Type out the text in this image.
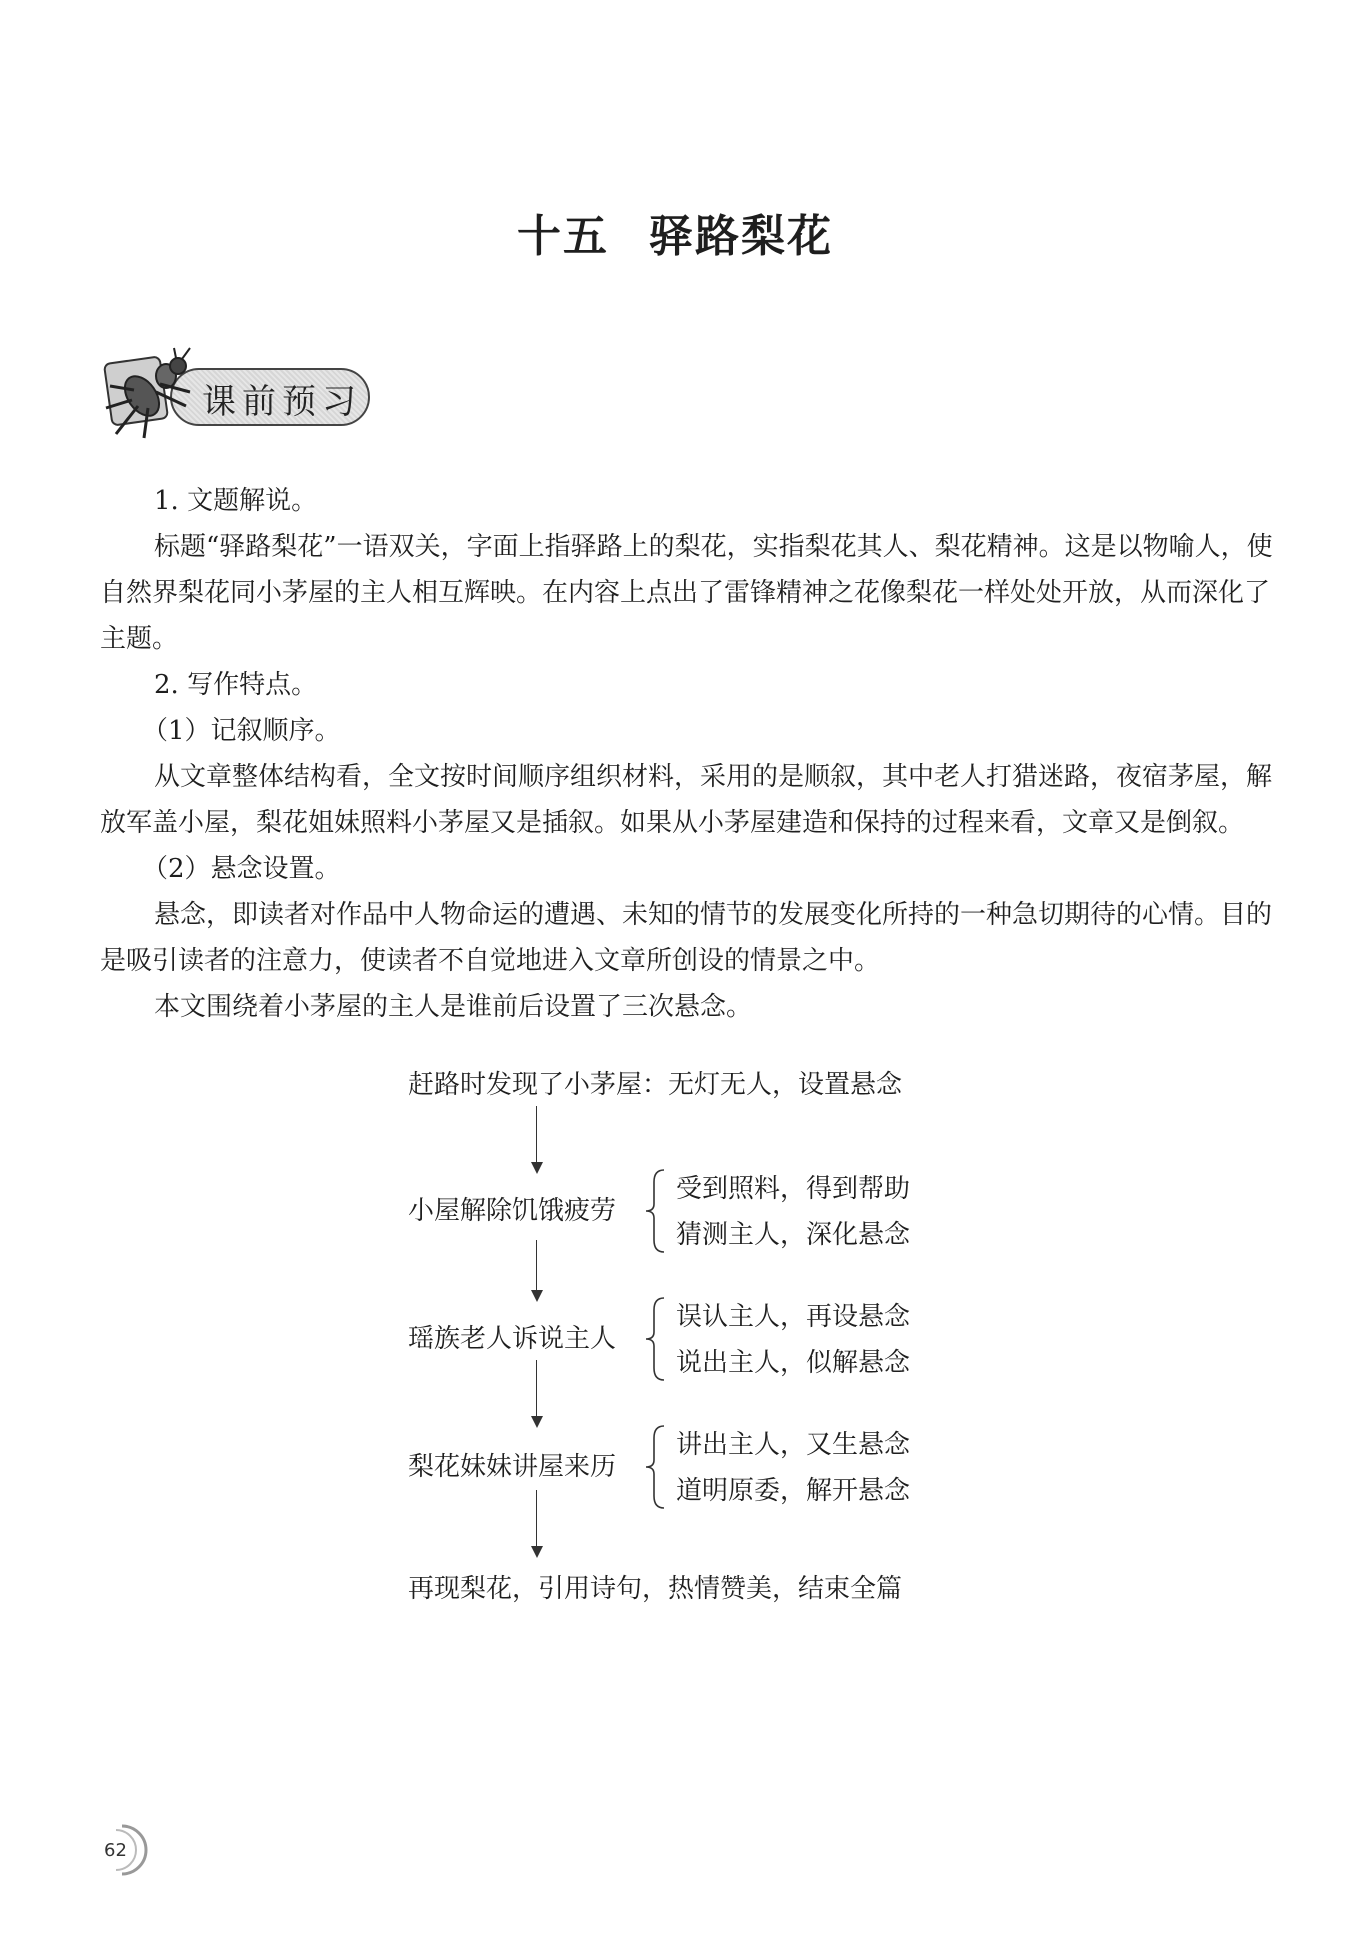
十五 驿路梨花
课前预习

1. 文题解说。

标题“驿路梨花”一语双关，字面上指驿路上的梨花，实指梨花其人、梨花精神。这是以物喻人，使自然界梨花同小茅屋的主人相互辉映。在内容上点出了雷锋精神之花像梨花一样处处开放，从而深化了主题。

2. 写作特点。

（1）记叙顺序。

从文章整体结构看，全文按时间顺序组织材料，采用的是顺叙，其中老人打猎迷路，夜宿茅屋，解放军盖小屋，梨花姐妹照料小茅屋又是插叙。如果从小茅屋建造和保持的过程来看，文章又是倒叙。

（2）悬念设置。

悬念，即读者对作品中人物命运的遭遇、未知的情节的发展变化所持的一种急切期待的心情。目的是吸引读者的注意力，使读者不自觉地进入文章所创设的情景之中。

本文围绕着小茅屋的主人是谁前后设置了三次悬念。

赶路时发现了小茅屋：无灯无人，设置悬念
小屋解除饥饿疲劳
受到照料，得到帮助
猜测主人，深化悬念
瑶族老人诉说主人
误认主人，再设悬念
说出主人，似解悬念
梨花妹妹讲屋来历
讲出主人，又生悬念
道明原委，解开悬念
再现梨花，引用诗句，热情赞美，结束全篇
62
